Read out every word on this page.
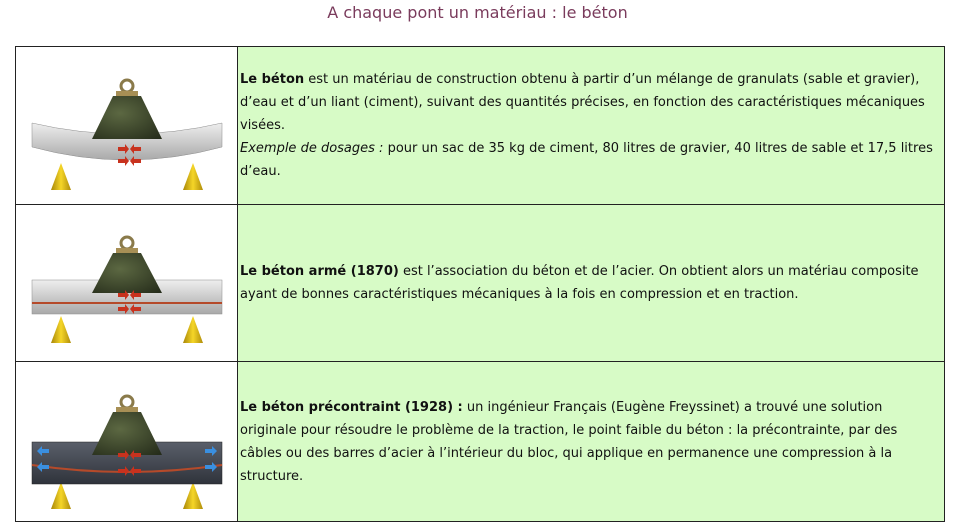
A chaque pont un matériau : le béton
	Le béton est un matériau de construction obtenu à partir d’un mélange de granulats (sable et gravier), d’eau et d’un liant (ciment), suivant des quantités précises, en fonction des caractéristiques mécaniques visées.
Exemple de dosages : pour un sac de 35 kg de ciment, 80 litres de gravier, 40 litres de sable et 17,5 litres d’eau.

	Le béton armé (1870) est l’association du béton et de l’acier. On obtient alors un matériau composite ayant de bonnes caractéristiques mécaniques à la fois en compression et en traction.

	Le béton précontraint (1928) : un ingénieur Français (Eugène Freyssinet) a trouvé une solution originale pour résoudre le problème de la traction, le point faible du béton : la précontrainte, par des câbles ou des barres d’acier à l’intérieur du bloc, qui applique en permanence une compression à la structure.
